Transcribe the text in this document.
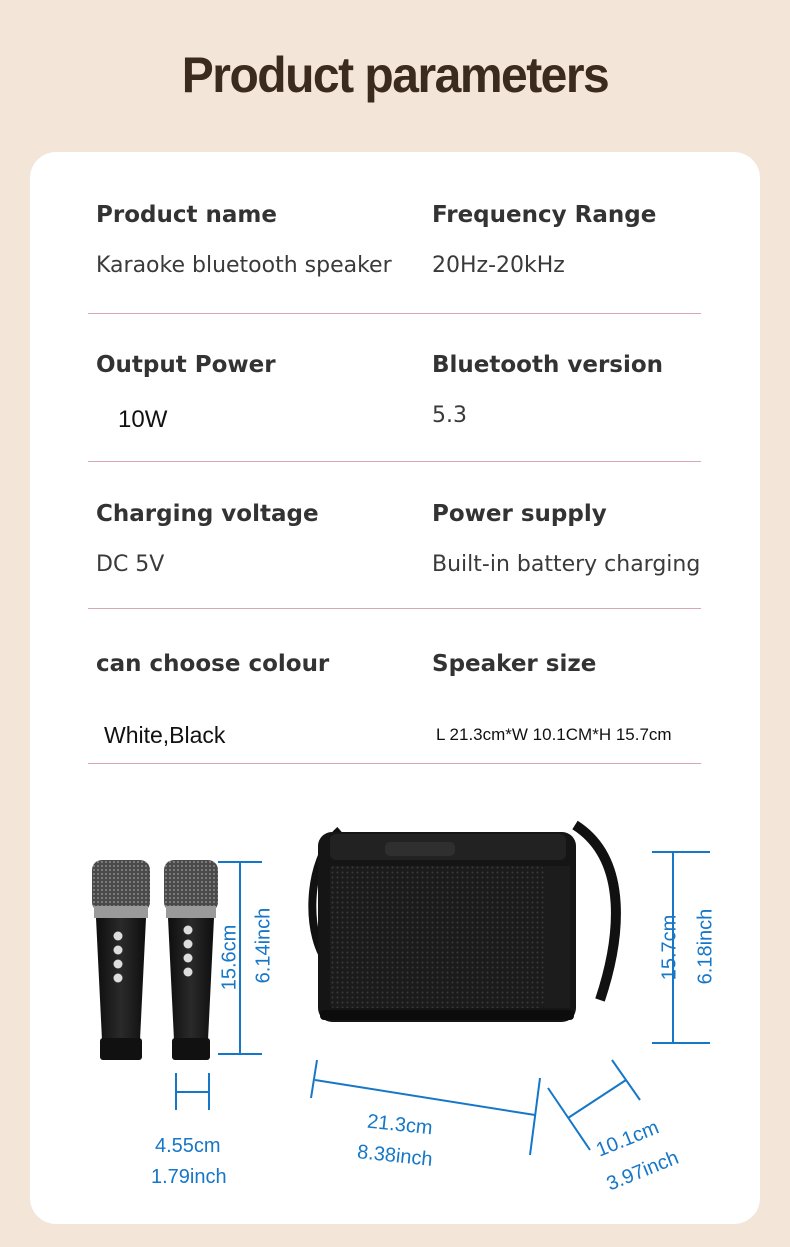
Product parameters
Product name
Karaoke bluetooth speaker
Frequency Range
20Hz-20kHz
Output Power
10W
Bluetooth version
5.3
Charging voltage
DC 5V
Power supply
Built-in battery charging
can choose colour
White,Black
Speaker size
L 21.3cm*W 10.1CM*H 15.7cm
15.6cm 6.14inch
4.55cm
1.79inch
15.7cm 6.18inch
21.3cm
8.38inch	10.1cm
3.97inch
